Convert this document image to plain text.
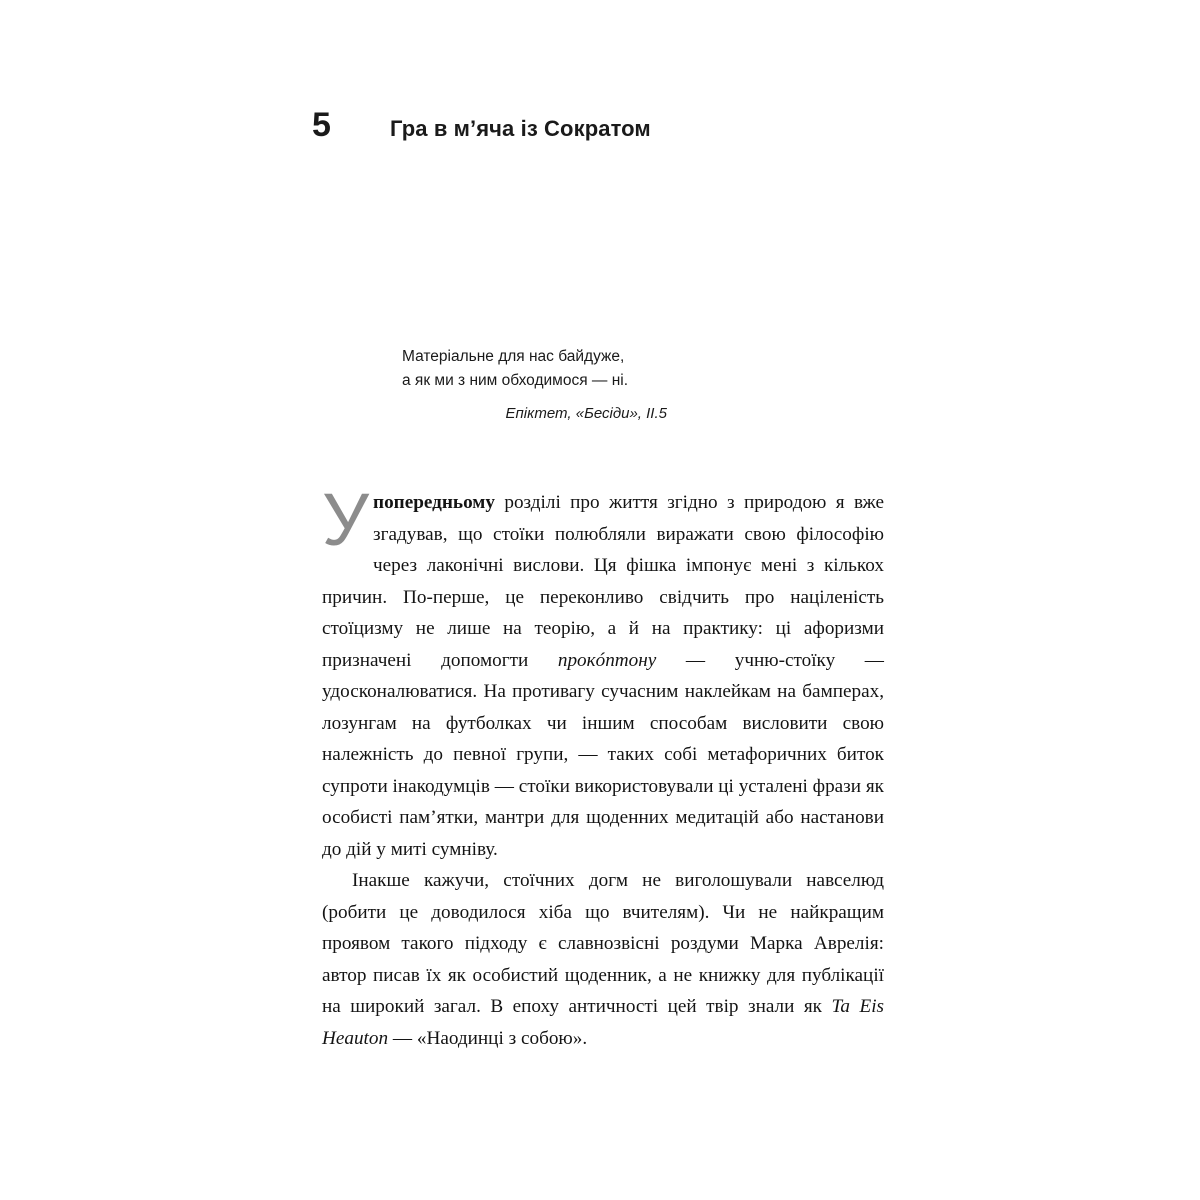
5	Гра в м’яча із Сократом
Матеріальне для нас байдуже,
а як ми з ним обходимося — ні.
Епіктет, «Бесіди», II.5

Упопередньому розділі про життя згідно з природою я вже згадував, що стоїки полюбляли виражати свою філософію через лаконічні вислови. Ця фішка імпонує мені з кількох причин. По-перше, це переконливо свідчить про націленість стоїцизму не лише на теорію, а й на практику: ці афоризми призначені допомогти прокóптону — учню-стоїку — удосконалюватися. На противагу сучасним наклейкам на бамперах, лозунгам на футболках чи іншим способам висловити свою належність до певної групи, — таких собі метафоричних биток супроти інакодумців — стоїки використовували ці усталені фрази як особисті пам’ятки, мантри для щоденних медитацій або настанови до дій у миті сумніву.

Інакше кажучи, стоїчних догм не виголошували навселюд (робити це доводилося хіба що вчителям). Чи не найкращим проявом такого підходу є славнозвісні роздуми Марка Аврелія: автор писав їх як особистий щоденник, а не книжку для публікації на широкий загал. В епоху античності цей твір знали як Ta Eis Heauton — «Наодинці з собою».
